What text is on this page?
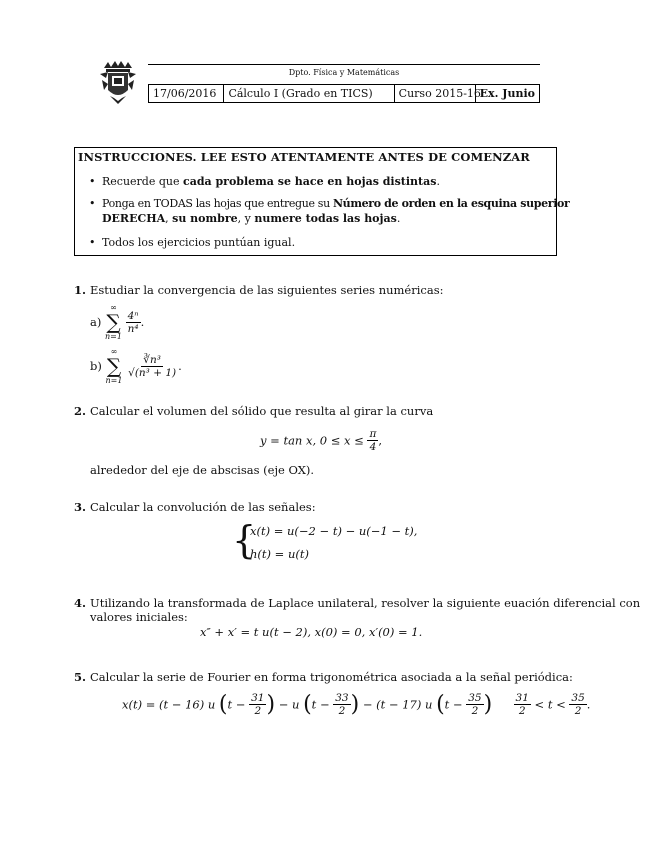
Dpto. Física y Matemáticas
17/06/2016	Cálculo I (Grado en TICS)	Curso 2015-16
Ex. Junio
INSTRUCCIONES. LEE ESTO ATENTAMENTE ANTES DE COMENZAR
• Recuerde que cada problema se hace en hojas distintas.
• Ponga en TODAS las hojas que entregue su Número de orden en la esquina superior
DERECHA, su nombre, y numere todas las hojas.
• Todos los ejercicios puntúan igual.
1. Estudiar la convergencia de las siguientes series numéricas:
a)
∞
∑
n=1

$\frac{\text{4ⁿ}}{\text{n⁴}}$ .
b)
∞
∑
n=1

$\frac{\text{∛n³}}{\text{√(n³ + 1)}}$ .
2. Calcular el volumen del sólido que resulta al girar la curva
y = tan x, $0 \le x \le \frac{\pi}{4}$ ,
alrededor del eje de abscisas (eje OX).
3. Calcular la convolución de las señales:
{
x(t) = u(−2 − t) − u(−1 − t),
h(t) = u(t)
4. Utilizando la transformada de Laplace unilateral, resolver la siguiente euación diferencial con
valores iniciales:
x″ + x′ = t u(t − 2), x(0) = 0, x′(0) = 1.
5. Calcular la serie de Fourier en forma trigonométrica asociada a la señal periódica:
x(t) = (t − 16) u ($t - \frac{31}{2}$ ) − u ($t - \frac{33}{2}$ ) − (t − 17) u ($t - \frac{35}{2}$ ) $\frac{31}{2} < t < \frac{35}{2}$ .
